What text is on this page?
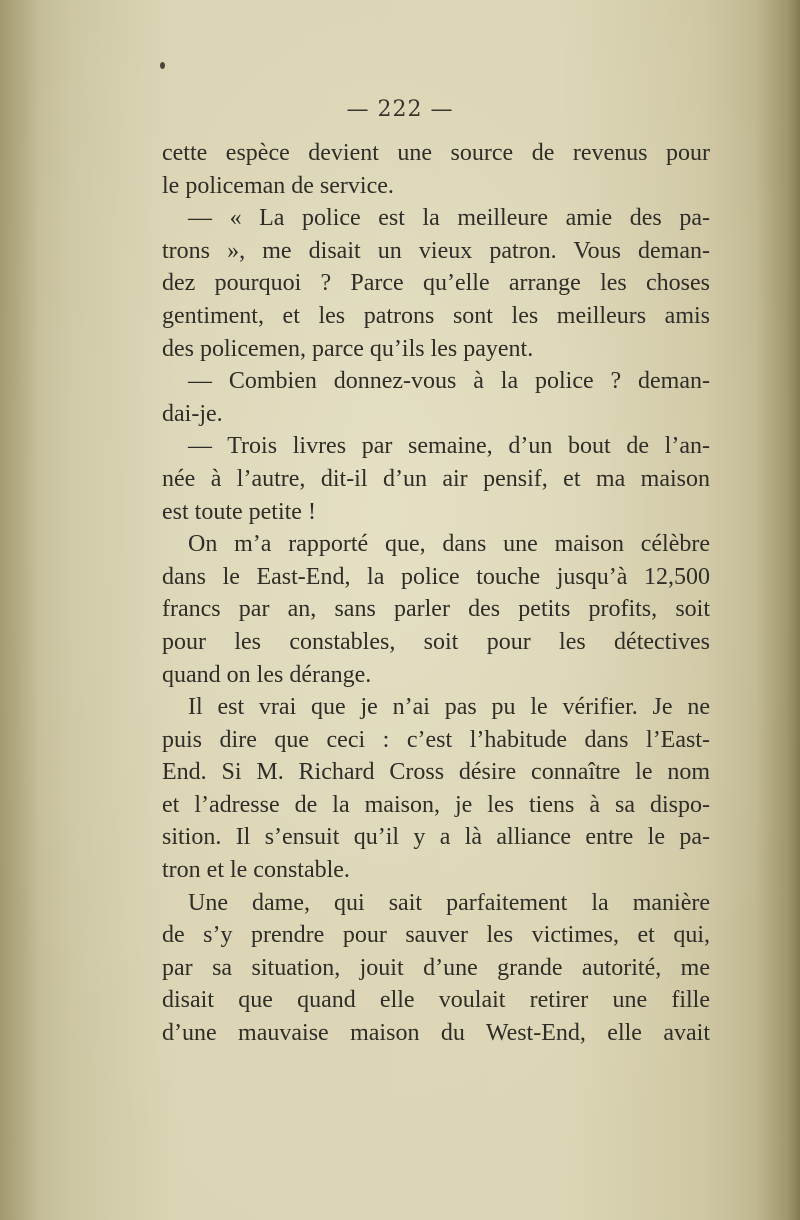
— 222 —
cette espèce devient une source de revenus pour
le policeman de service.
— « La police est la meilleure amie des pa-
trons », me disait un vieux patron. Vous deman-
dez pourquoi ? Parce qu’elle arrange les choses
gentiment, et les patrons sont les meilleurs amis
des policemen, parce qu’ils les payent.
— Combien donnez-vous à la police ? deman-
dai-je.
— Trois livres par semaine, d’un bout de l’an-
née à l’autre, dit-il d’un air pensif, et ma maison
est toute petite !
On m’a rapporté que, dans une maison célèbre
dans le East-End, la police touche jusqu’à 12,500
francs par an, sans parler des petits profits, soit
pour les constables, soit pour les détectives
quand on les dérange.
Il est vrai que je n’ai pas pu le vérifier. Je ne
puis dire que ceci : c’est l’habitude dans l’East-
End. Si M. Richard Cross désire connaître le nom
et l’adresse de la maison, je les tiens à sa dispo-
sition. Il s’ensuit qu’il y a là alliance entre le pa-
tron et le constable.
Une dame, qui sait parfaitement la manière
de s’y prendre pour sauver les victimes, et qui,
par sa situation, jouit d’une grande autorité, me
disait que quand elle voulait retirer une fille
d’une mauvaise maison du West-End, elle avait
